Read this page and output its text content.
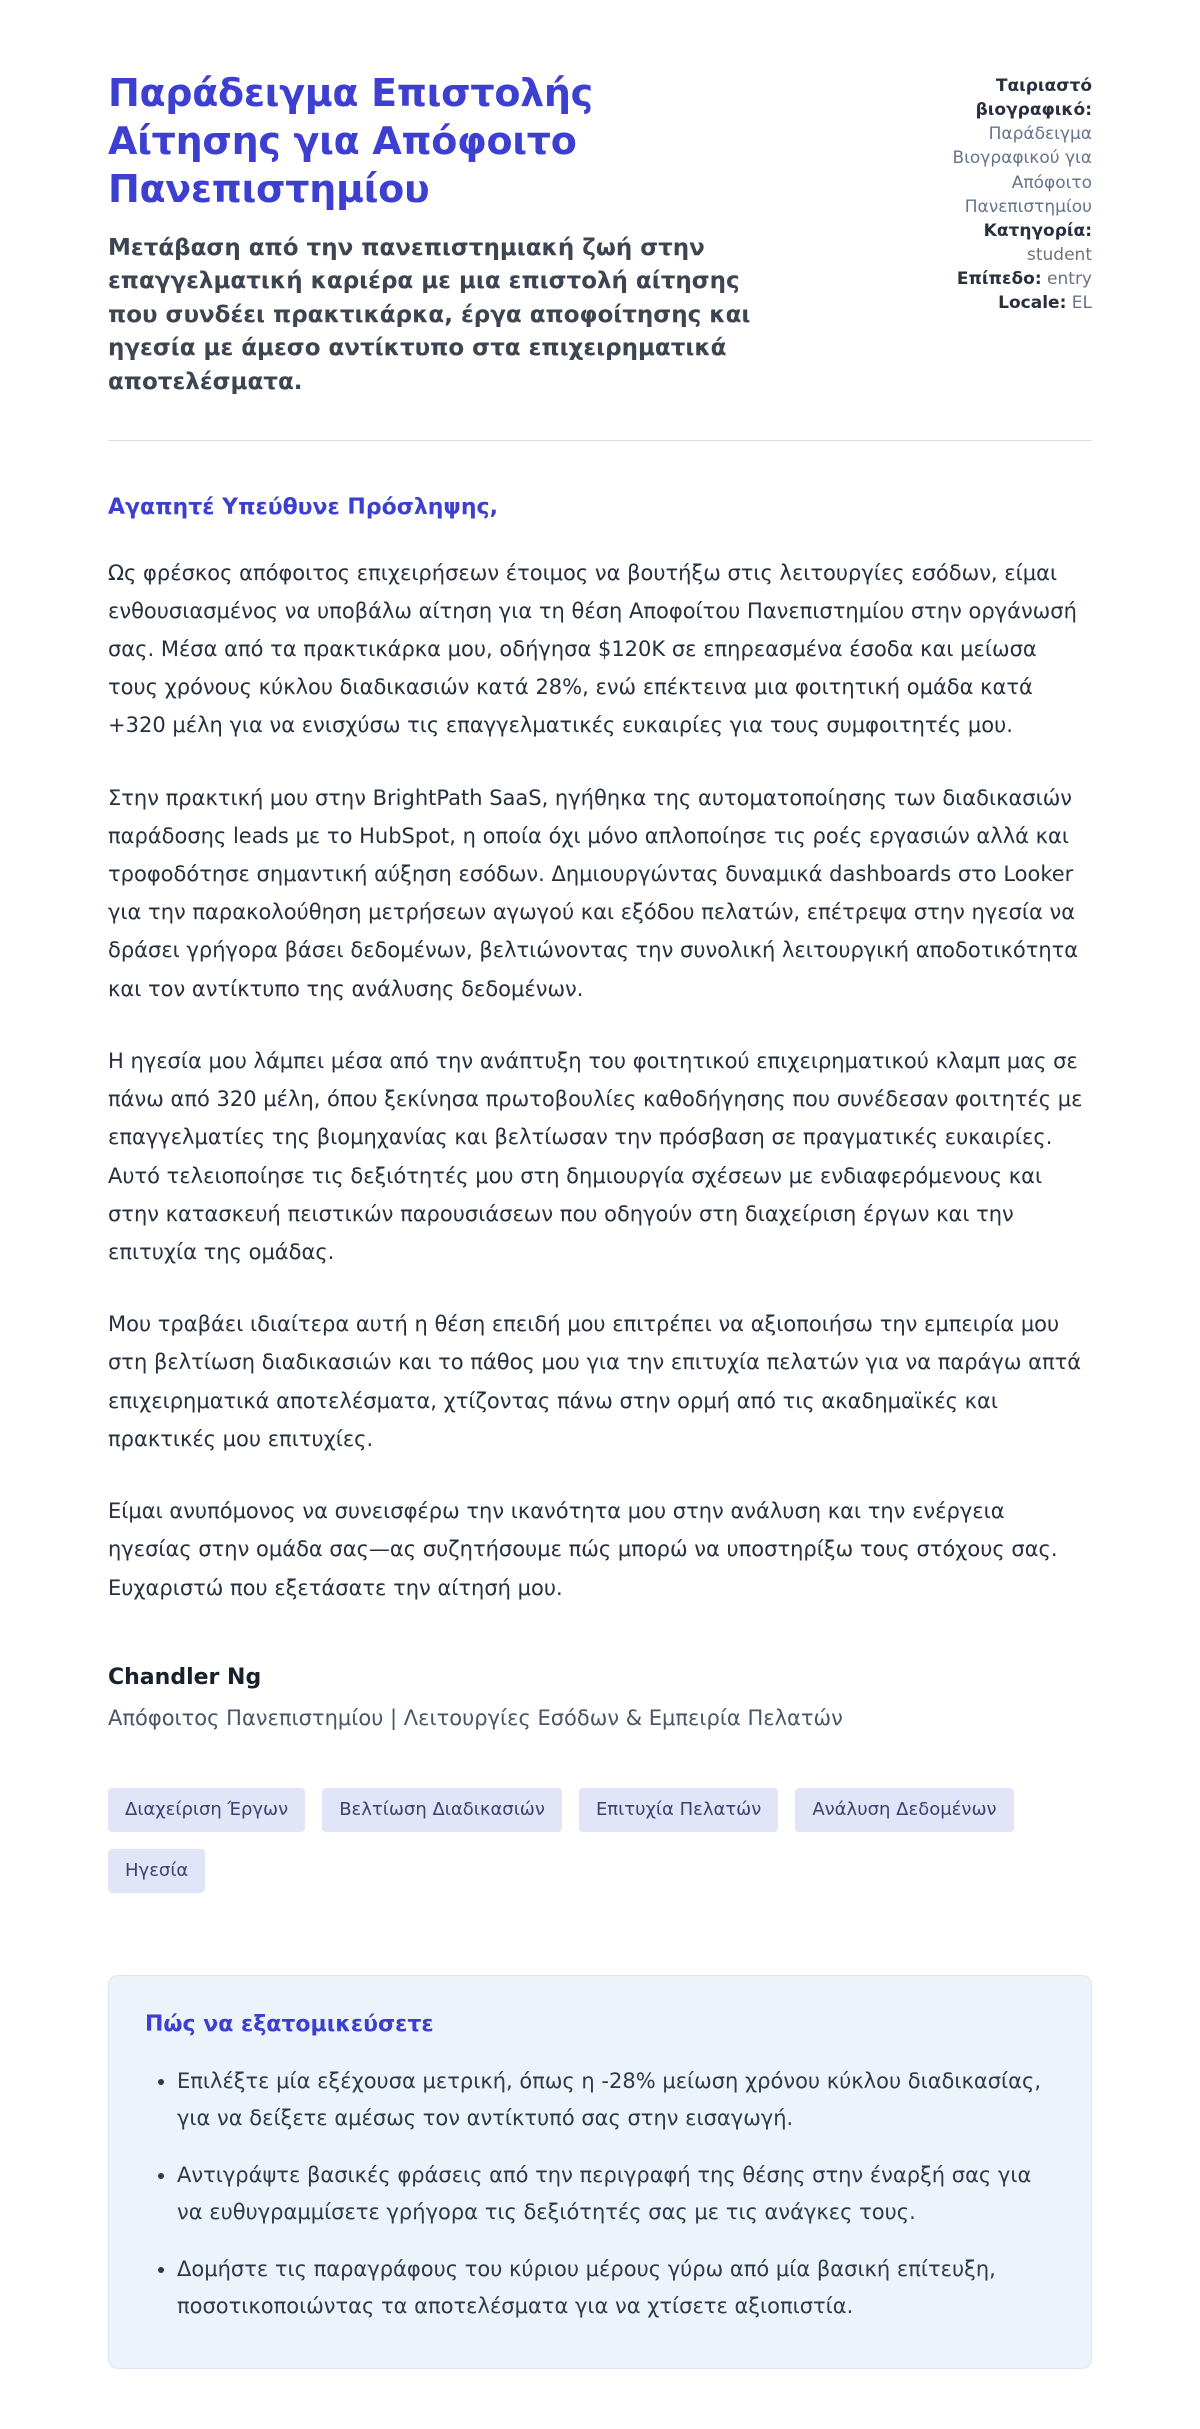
Παράδειγμα Επιστολής Αίτησης για Απόφοιτο Πανεπιστημίου

Μετάβαση από την πανεπιστημιακή ζωή στην επαγγελματική καριέρα με μια επιστολή αίτησης που συνδέει πρακτικάρκα, έργα αποφοίτησης και ηγεσία με άμεσο αντίκτυπο στα επιχειρηματικά αποτελέσματα.

Ταιριαστό βιογραφικό: Παράδειγμα Βιογραφικού για Απόφοιτο Πανεπιστημίου
Κατηγορία: student
Επίπεδο: entry
Locale: EL

Αγαπητέ Υπεύθυνε Πρόσληψης,

Ως φρέσκος απόφοιτος επιχειρήσεων έτοιμος να βουτήξω στις λειτουργίες εσόδων, είμαι ενθουσιασμένος να υποβάλω αίτηση για τη θέση Αποφοίτου Πανεπιστημίου στην οργάνωσή σας. Μέσα από τα πρακτικάρκα μου, οδήγησα $120K σε επηρεασμένα έσοδα και μείωσα τους χρόνους κύκλου διαδικασιών κατά 28%, ενώ επέκτεινα μια φοιτητική ομάδα κατά +320 μέλη για να ενισχύσω τις επαγγελματικές ευκαιρίες για τους συμφοιτητές μου.

Στην πρακτική μου στην BrightPath SaaS, ηγήθηκα της αυτοματοποίησης των διαδικασιών παράδοσης leads με το HubSpot, η οποία όχι μόνο απλοποίησε τις ροές εργασιών αλλά και τροφοδότησε σημαντική αύξηση εσόδων. Δημιουργώντας δυναμικά dashboards στο Looker για την παρακολούθηση μετρήσεων αγωγού και εξόδου πελατών, επέτρεψα στην ηγεσία να δράσει γρήγορα βάσει δεδομένων, βελτιώνοντας την συνολική λειτουργική αποδοτικότητα και τον αντίκτυπο της ανάλυσης δεδομένων.

Η ηγεσία μου λάμπει μέσα από την ανάπτυξη του φοιτητικού επιχειρηματικού κλαμπ μας σε πάνω από 320 μέλη, όπου ξεκίνησα πρωτοβουλίες καθοδήγησης που συνέδεσαν φοιτητές με επαγγελματίες της βιομηχανίας και βελτίωσαν την πρόσβαση σε πραγματικές ευκαιρίες. Αυτό τελειοποίησε τις δεξιότητές μου στη δημιουργία σχέσεων με ενδιαφερόμενους και στην κατασκευή πειστικών παρουσιάσεων που οδηγούν στη διαχείριση έργων και την επιτυχία της ομάδας.

Μου τραβάει ιδιαίτερα αυτή η θέση επειδή μου επιτρέπει να αξιοποιήσω την εμπειρία μου στη βελτίωση διαδικασιών και το πάθος μου για την επιτυχία πελατών για να παράγω απτά επιχειρηματικά αποτελέσματα, χτίζοντας πάνω στην ορμή από τις ακαδημαϊκές και πρακτικές μου επιτυχίες.

Είμαι ανυπόμονος να συνεισφέρω την ικανότητα μου στην ανάλυση και την ενέργεια ηγεσίας στην ομάδα σας—ας συζητήσουμε πώς μπορώ να υποστηρίξω τους στόχους σας. Ευχαριστώ που εξετάσατε την αίτησή μου.

Chandler Ng

Απόφοιτος Πανεπιστημίου | Λειτουργίες Εσόδων & Εμπειρία Πελατών

Διαχείριση Έργων	Βελτίωση Διαδικασιών	Επιτυχία Πελατών	Ανάλυση Δεδομένων
Ηγεσία
Πώς να εξατομικεύσετε
• Επιλέξτε μία εξέχουσα μετρική, όπως η -28% μείωση χρόνου κύκλου διαδικασίας, για να δείξετε αμέσως τον αντίκτυπό σας στην εισαγωγή.
• Αντιγράψτε βασικές φράσεις από την περιγραφή της θέσης στην έναρξή σας για να ευθυγραμμίσετε γρήγορα τις δεξιότητές σας με τις ανάγκες τους.
• Δομήστε τις παραγράφους του κύριου μέρους γύρω από μία βασική επίτευξη, ποσοτικοποιώντας τα αποτελέσματα για να χτίσετε αξιοπιστία.
